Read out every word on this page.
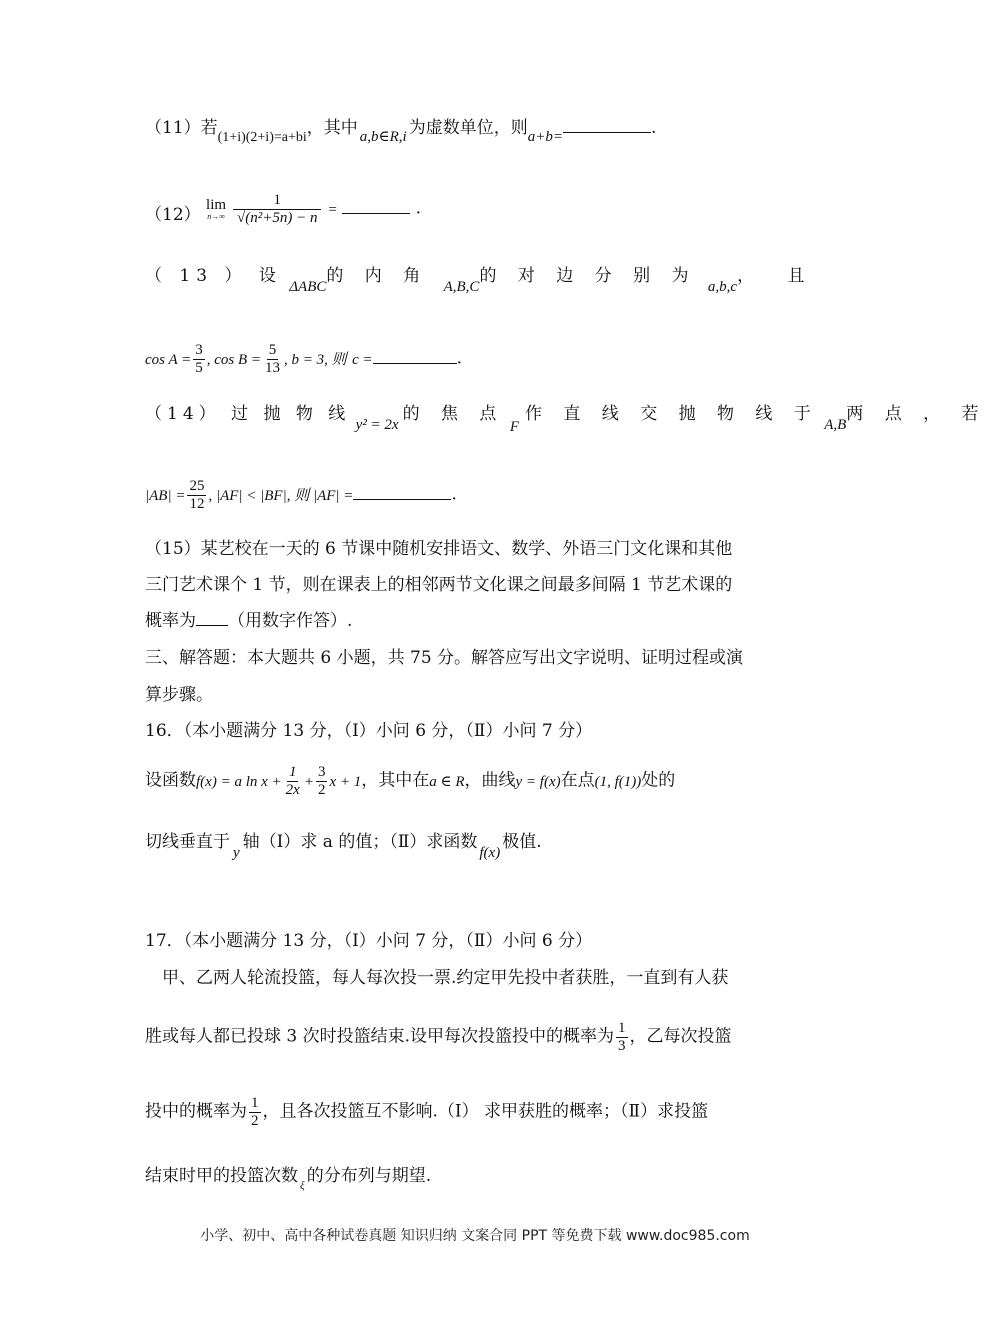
（11）若(1+i)(2+i)=a+bi，其中 a,b∈R,i 为虚数单位，则a+b=	.
（12） lim
n→∞
$\frac{1}{\text{√(n²+5n) − n}}$ =	.
（ 13 ） 设 ΔABC的 内 角 A,B,C的 对 边 分 别 为 a,b,c， 且
$\cos A = \frac{3}{5}$ , $\cos B = \frac{5}{13}$ , b = 3, 则 c =	.
（14） 过 抛 物 线 y² = 2x的 焦 点 F作 直 线 交 抛 物 线 于 A,B两 点 ， 若
$|AB| = \frac{25}{12}$ , |AF| < |BF|, 则 |AF| =	.
（15）某艺校在一天的 6 节课中随机安排语文、数学、外语三门文化课和其他
三门艺术课个 1 节，则在课表上的相邻两节文化课之间最多间隔 1 节艺术课的
概率为 （用数字作答）.
三、解答题：本大题共 6 小题，共 75 分。解答应写出文字说明、证明过程或演
算步骤。
16．（本小题满分 13 分，（Ⅰ）小问 6 分，（Ⅱ）小问 7 分）
设函数f(x) = a $\ln x + \frac{1}{2x} + \frac{3}{2}$ x + 1，其中在a ∈ R，曲线y = f(x)在点(1, f(1))处的
切线垂直于y轴（Ⅰ）求 a 的值；（Ⅱ）求函数f(x)极值.
17．（本小题满分 13 分，（Ⅰ）小问 7 分，（Ⅱ）小问 6 分）
甲、乙两人轮流投篮，每人每次投一票.约定甲先投中者获胜，一直到有人获
胜或每人都已投球 3 次时投篮结束.设甲每次投篮投中的概率为 $\frac{1}{3}$ ，乙每次投篮
投中的概率为 $\frac{1}{2}$ ，且各次投篮互不影响.（Ⅰ） 求甲获胜的概率；（Ⅱ）求投篮
结束时甲的投篮次数 ξ 的分布列与期望.
小学、初中、高中各种试卷真题 知识归纳 文案合同 PPT 等免费下载 www.doc985.com
